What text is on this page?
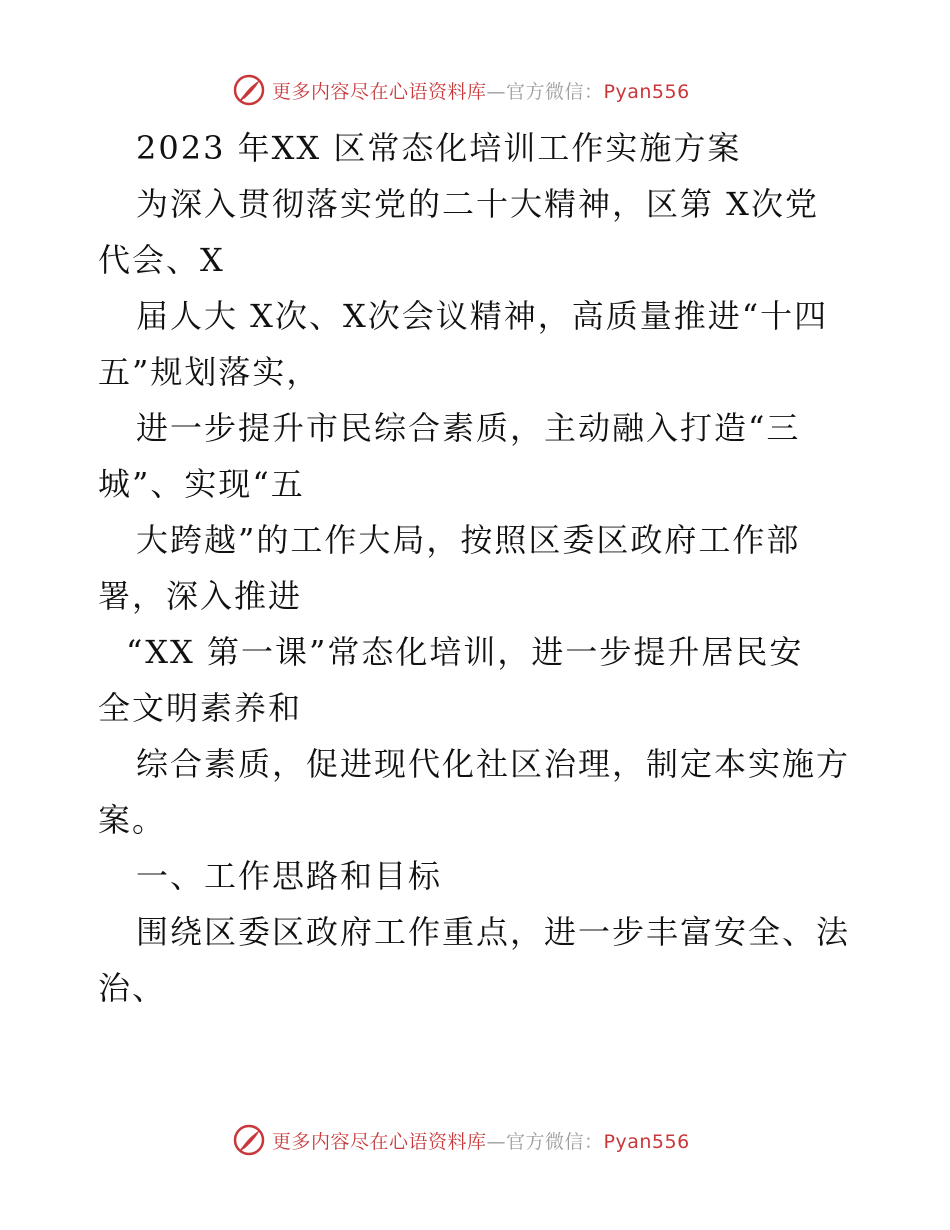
更多内容尽在心语资料库—官方微信：Pyan556
2023 年XX 区常态化培训工作实施方案
为深入贯彻落实党的二十大精神，区第 X次党
代会、X
届人大 X次、X次会议精神，高质量推进“十四
五”规划落实，
进一步提升市民综合素质，主动融入打造“三
城”、实现“五
大跨越”的工作大局，按照区委区政府工作部
署，深入推进
“XX 第一课”常态化培训，进一步提升居民安
全文明素养和
综合素质，促进现代化社区治理，制定本实施方
案。
一、工作思路和目标
围绕区委区政府工作重点，进一步丰富安全、法
治、
更多内容尽在心语资料库—官方微信：Pyan556
